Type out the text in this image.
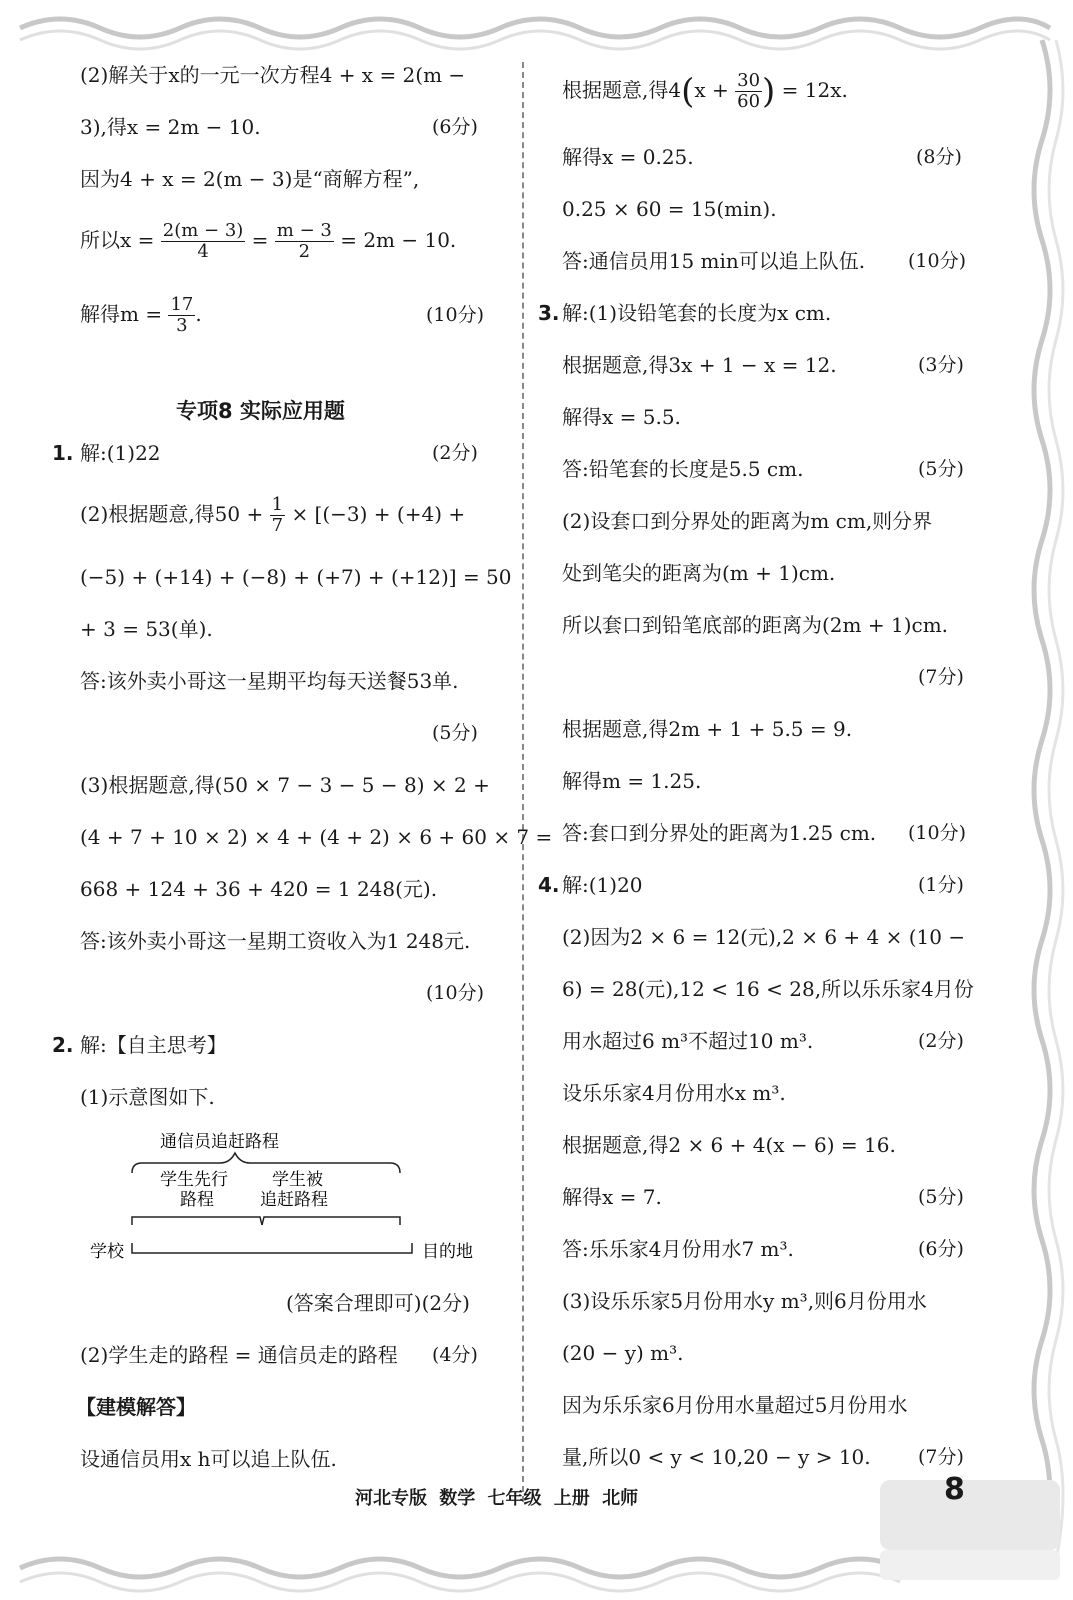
(2)解关于x的一元一次方程4 + x = 2(m −
3),得x = 2m − 10.	(6分)
因为4 + x = 2(m − 3)是“商解方程”,
所以$x = \frac{2(m - 3)}{4} = \frac{m - 3}{2} = 2m - 10$.
解得$m = \frac{17}{3}$ .	(10分)
专项8 实际应用题
1. 解:(1)22	(2分)
(2)根据题意,得$50 + \frac{1}{7} \times [(-3) + (+4)$ +
(−5) + (+14) + (−8) + (+7) + (+12)] = 50
+ 3 = 53(单).
答:该外卖小哥这一星期平均每天送餐53单.
(5分)
(3)根据题意,得(50 × 7 − 3 − 5 − 8) × 2 +
(4 + 7 + 10 × 2) × 4 + (4 + 2) × 6 + 60 × 7 =
668 + 124 + 36 + 420 = 1 248(元).
答:该外卖小哥这一星期工资收入为1 248元.
(10分)
2. 解:【自主思考】
(1)示意图如下.
通信员追赶路程
学生先行
路程
学生被
追赶路程
学校	目的地
(答案合理即可)(2分)
(2)学生走的路程 = 通信员走的路程 (4分)
【建模解答】
设通信员用x h可以追上队伍.
根据题意,得$4(x + \frac{30}{60}$ ) = 12x.
解得x = 0.25.	(8分)
0.25 × 60 = 15(min).
答:通信员用15 min可以追上队伍. (10分)
3. 解:(1)设铅笔套的长度为x cm.
根据题意,得3x + 1 − x = 12.	(3分)
解得x = 5.5.
答:铅笔套的长度是5.5 cm.	(5分)
(2)设套口到分界处的距离为m cm,则分界
处到笔尖的距离为(m + 1)cm.
所以套口到铅笔底部的距离为(2m + 1)cm.
(7分)
根据题意,得2m + 1 + 5.5 = 9.
解得m = 1.25.
答:套口到分界处的距离为1.25 cm. (10分)
4. 解:(1)20	(1分)
(2)因为2 × 6 = 12(元),2 × 6 + 4 × (10 −
6) = 28(元),12 < 16 < 28,所以乐乐家4月份
用水超过6 m³不超过10 m³.	(2分)
设乐乐家4月份用水x m³.
根据题意,得2 × 6 + 4(x − 6) = 16.
解得x = 7.	(5分)
答:乐乐家4月份用水7 m³.	(6分)
(3)设乐乐家5月份用水y m³,则6月份用水
(20 − y) m³.
因为乐乐家6月份用水量超过5月份用水
量,所以0 < y < 10,20 − y > 10. (7分)
河北专版 数学 七年级 上册 北师	8
